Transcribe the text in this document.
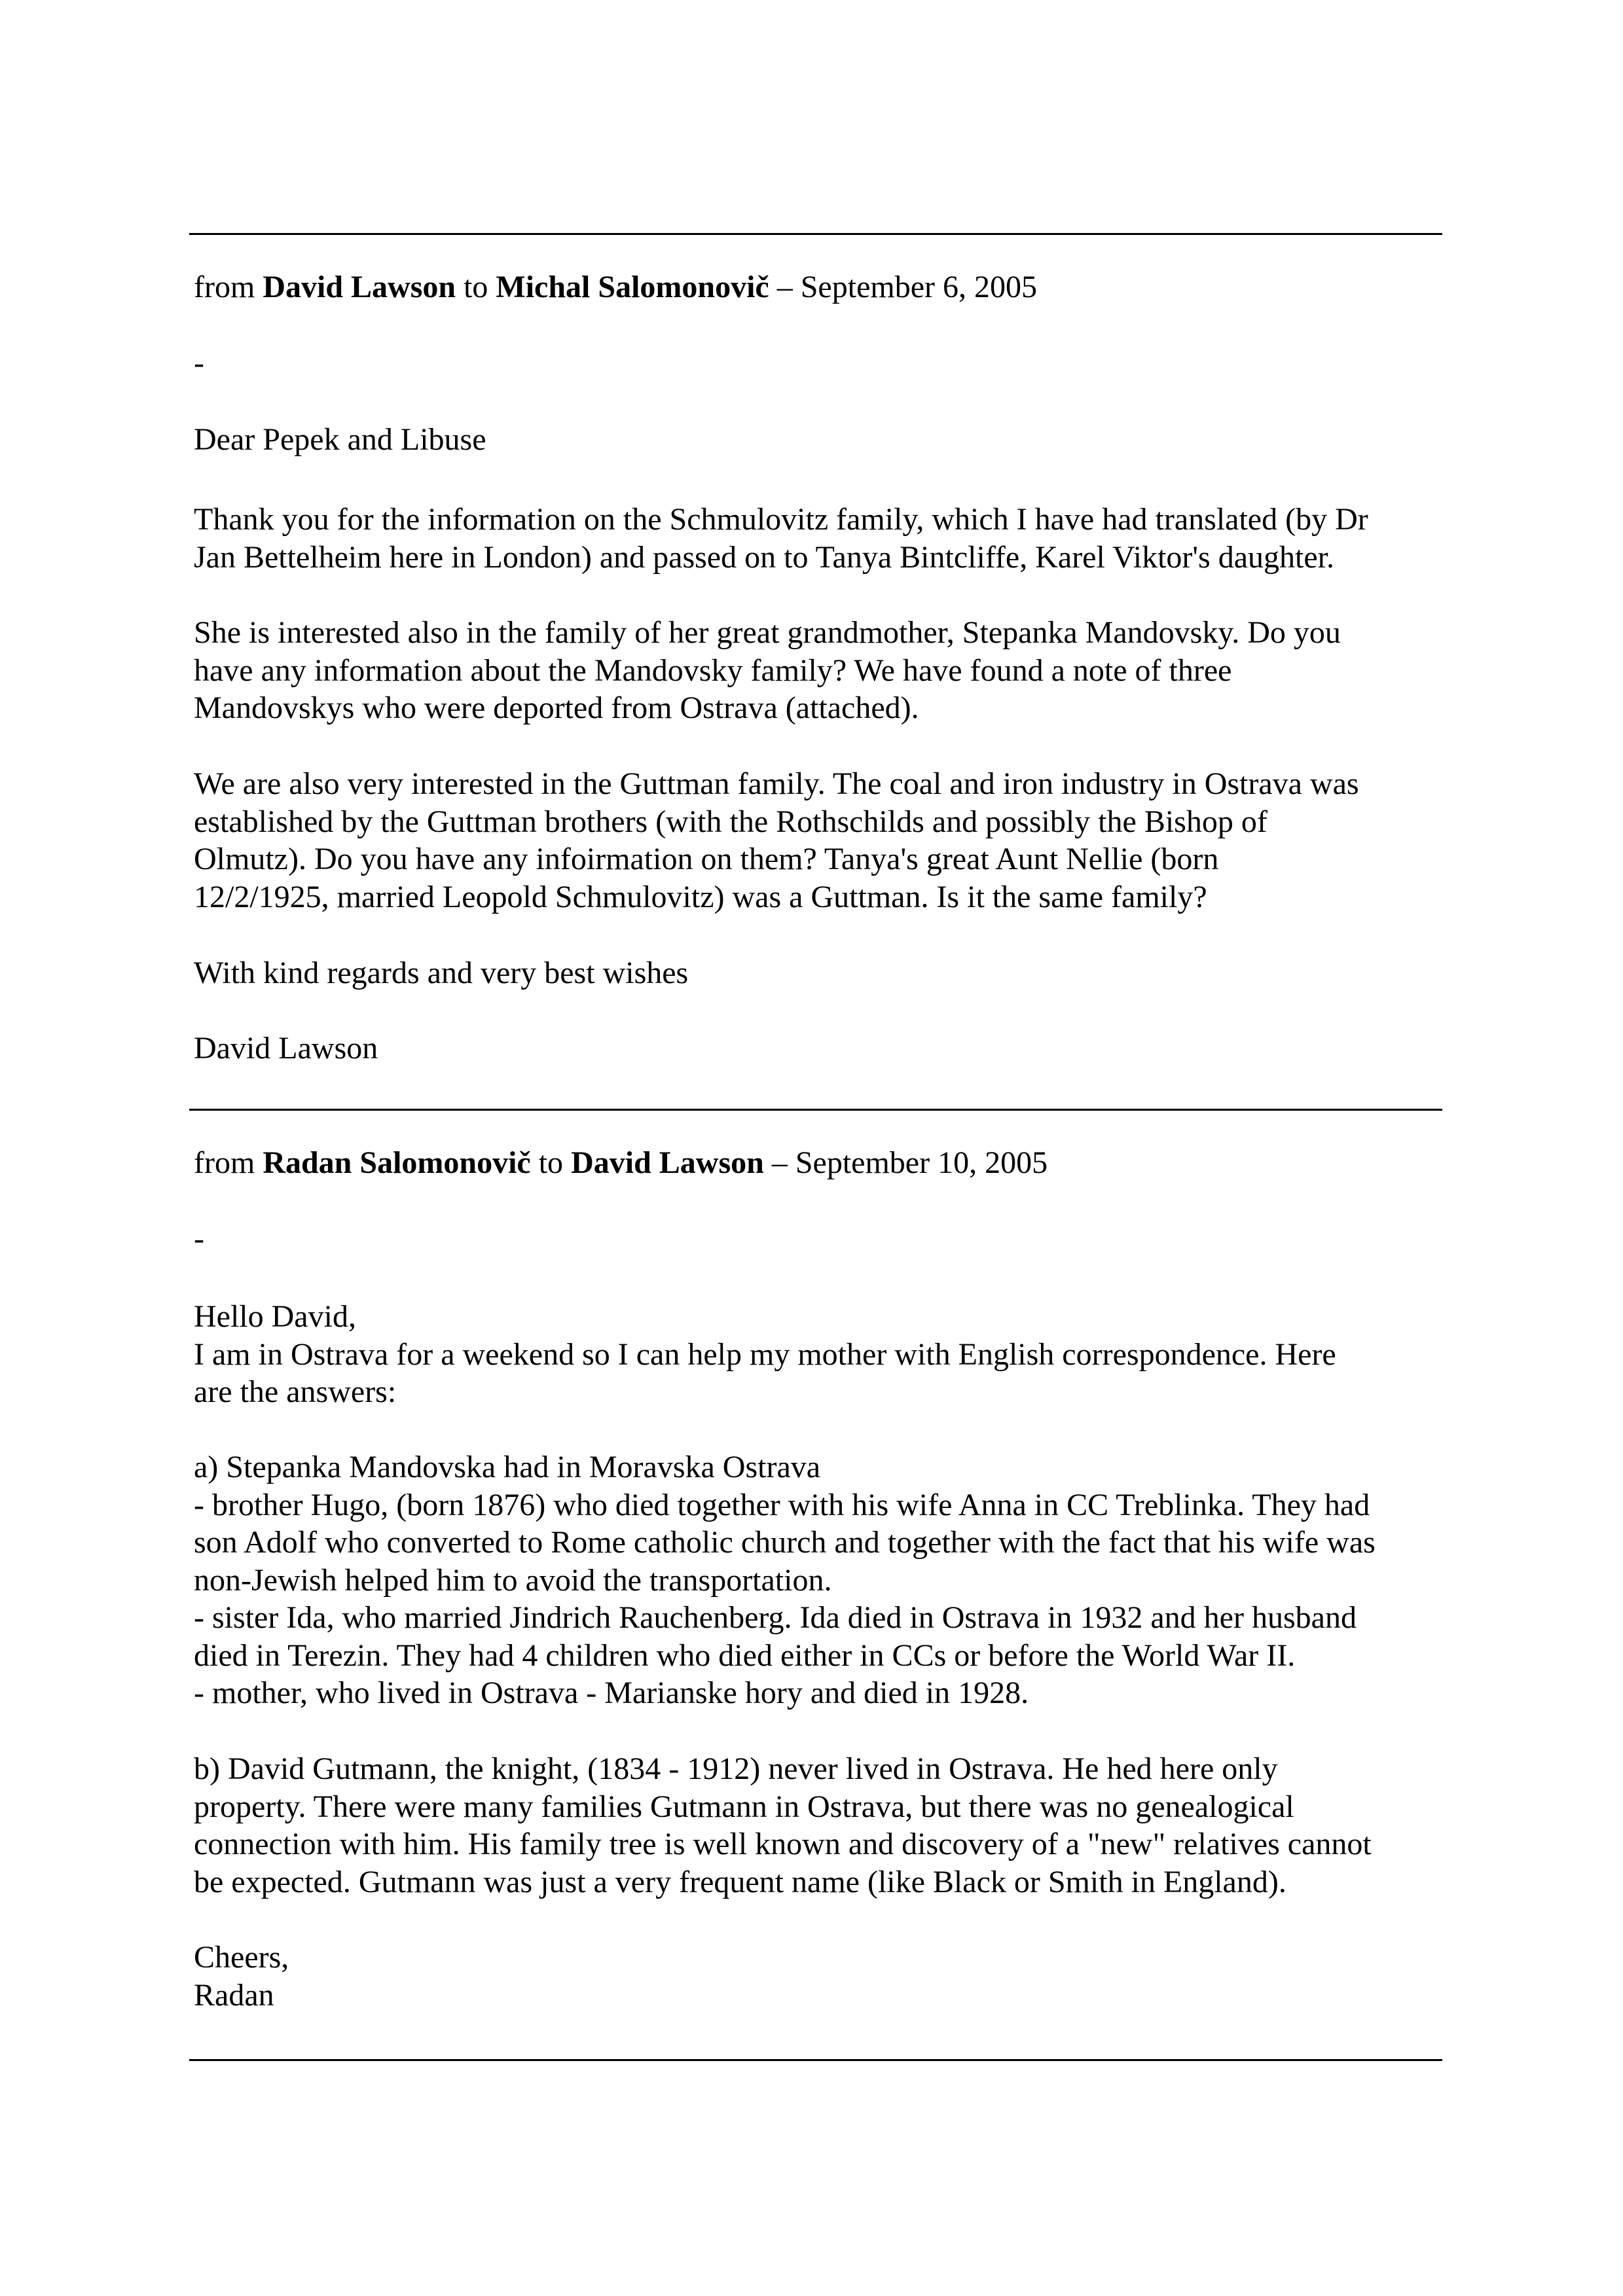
from David Lawson to Michal Salomonovič – September 6, 2005

-

Dear Pepek and Libuse

Thank you for the information on the Schmulovitz family, which I have had translated (by Dr

Jan Bettelheim here in London) and passed on to Tanya Bintcliffe, Karel Viktor's daughter.

She is interested also in the family of her great grandmother, Stepanka Mandovsky. Do you

have any information about the Mandovsky family? We have found a note of three

Mandovskys who were deported from Ostrava (attached).

We are also very interested in the Guttman family. The coal and iron industry in Ostrava was

established by the Guttman brothers (with the Rothschilds and possibly the Bishop of

Olmutz). Do you have any infoirmation on them? Tanya's great Aunt Nellie (born

12/2/1925, married Leopold Schmulovitz) was a Guttman. Is it the same family?

With kind regards and very best wishes

David Lawson

from Radan Salomonovič to David Lawson – September 10, 2005

-

Hello David,

I am in Ostrava for a weekend so I can help my mother with English correspondence. Here

are the answers:

a) Stepanka Mandovska had in Moravska Ostrava

- brother Hugo, (born 1876) who died together with his wife Anna in CC Treblinka. They had

son Adolf who converted to Rome catholic church and together with the fact that his wife was

non-Jewish helped him to avoid the transportation.

- sister Ida, who married Jindrich Rauchenberg. Ida died in Ostrava in 1932 and her husband

died in Terezin. They had 4 children who died either in CCs or before the World War II.

- mother, who lived in Ostrava - Marianske hory and died in 1928.

b) David Gutmann, the knight, (1834 - 1912) never lived in Ostrava. He hed here only

property. There were many families Gutmann in Ostrava, but there was no genealogical

connection with him. His family tree is well known and discovery of a "new" relatives cannot

be expected. Gutmann was just a very frequent name (like Black or Smith in England).

Cheers,

Radan
